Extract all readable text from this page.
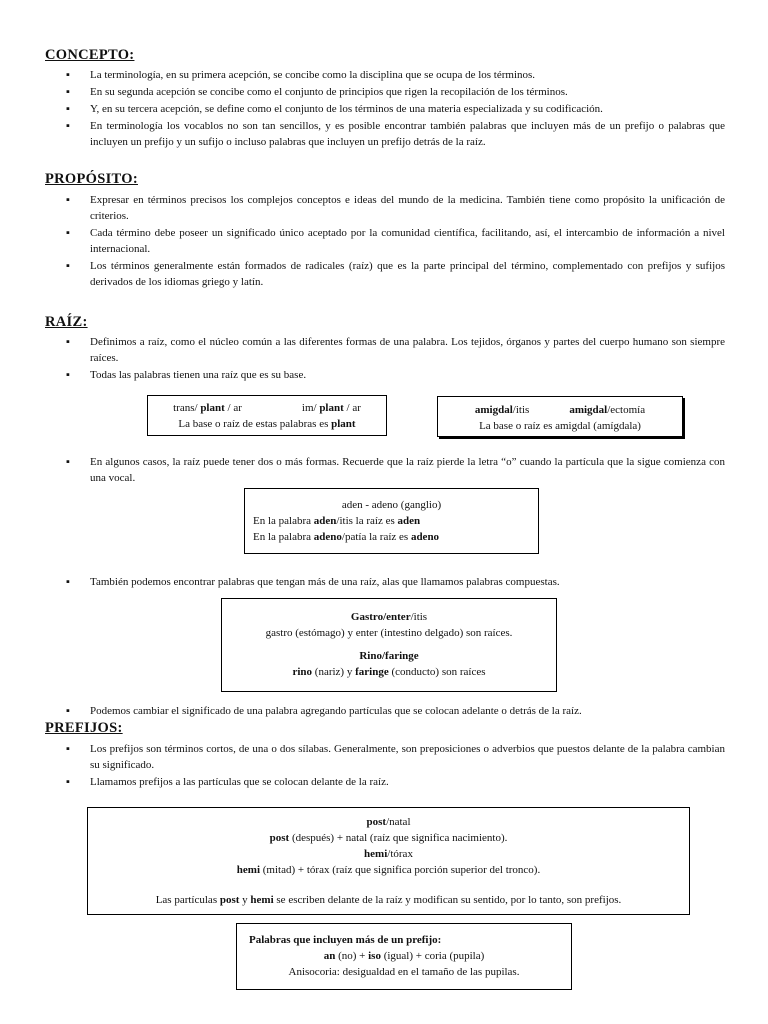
CONCEPTO:
▪ La terminología, en su primera acepción, se concibe como la disciplina que se ocupa de los términos.
▪ En su segunda acepción se concibe como el conjunto de principios que rigen la recopilación de los términos.
▪ Y, en su tercera acepción, se define como el conjunto de los términos de una materia especializada y su codificación.
▪ En terminología los vocablos no son tan sencillos, y es posible encontrar también palabras que incluyen más de un prefijo o palabras que incluyen un prefijo y un sufijo o incluso palabras que incluyen un prefijo detrás de la raíz.
PROPÓSITO:
▪ Expresar en términos precisos los complejos conceptos e ideas del mundo de la medicina. También tiene como propósito la unificación de criterios.
▪ Cada término debe poseer un significado único aceptado por la comunidad científica, facilitando, así, el intercambio de información a nivel internacional.
▪ Los términos generalmente están formados de radicales (raíz) que es la parte principal del término, complementado con prefijos y sufijos derivados de los idiomas griego y latín.
RAÍZ:
▪ Definimos a raíz, como el núcleo común a las diferentes formas de una palabra. Los tejidos, órganos y partes del cuerpo humano son siempre raíces.
▪ Todas las palabras tienen una raíz que es su base.
trans/ plant / ar	im/ plant / ar
La base o raíz de estas palabras es plant
amigdal/itis	amigdal/ectomía
La base o raíz es amigdal (amígdala)
▪ En algunos casos, la raíz puede tener dos o más formas. Recuerde que la raíz pierde la letra “o” cuando la partícula que la sigue comienza con una vocal.
aden - adeno (ganglio)
En la palabra aden/itis la raíz es aden
En la palabra adeno/patía la raíz es adeno
▪ También podemos encontrar palabras que tengan más de una raíz, alas que llamamos palabras compuestas.
Gastro/enter/itis
gastro (estómago) y enter (intestino delgado) son raíces.
Rino/faringe
rino (nariz) y faringe (conducto) son raíces
▪ Podemos cambiar el significado de una palabra agregando partículas que se colocan adelante o detrás de la raíz.
PREFIJOS:
▪ Los prefijos son términos cortos, de una o dos sílabas. Generalmente, son preposiciones o adverbios que puestos delante de la palabra cambian su significado.
▪ Llamamos prefijos a las partículas que se colocan delante de la raíz.
post/natal
post (después) + natal (raíz que significa nacimiento).
hemi/tórax
hemi (mitad) + tórax (raíz que significa porción superior del tronco).
Las partículas post y hemi se escriben delante de la raíz y modifican su sentido, por lo tanto, son prefijos.
Palabras que incluyen más de un prefijo:
an (no) + iso (igual) + coria (pupila)
Anisocoria: desigualdad en el tamaño de las pupilas.
